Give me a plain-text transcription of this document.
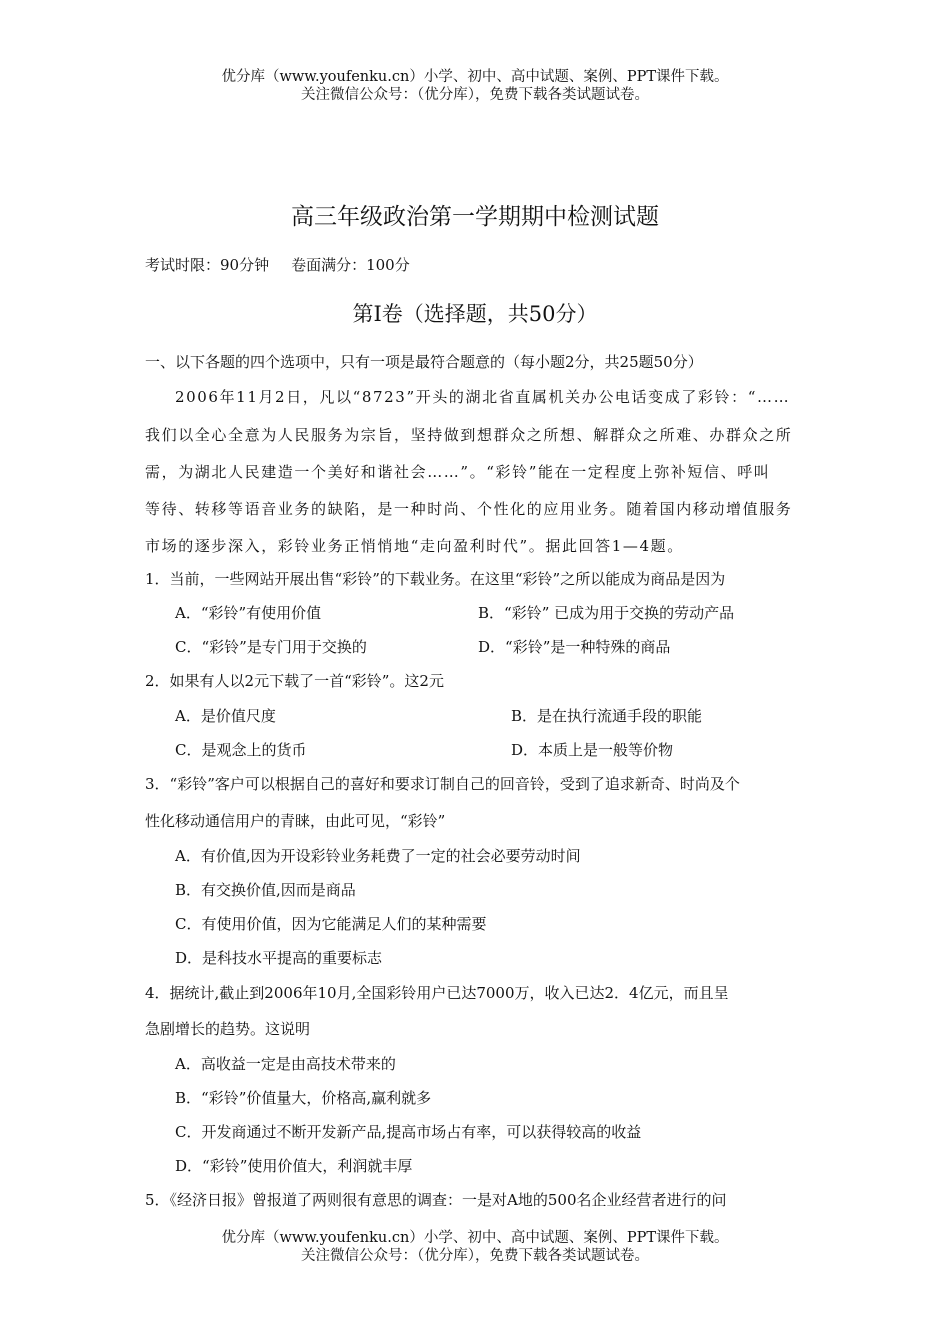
优分库（www.youfenku.cn）小学、初中、高中试题、案例、PPT课件下载。
关注微信公众号：（优分库），免费下载各类试题试卷。
高三年级政治第一学期期中检测试题
考试时限：90分钟 卷面满分：100分
第Ⅰ卷（选择题，共50分）
一、以下各题的四个选项中，只有一项是最符合题意的（每小题2分，共25题50分）
2006年11月2日，凡以“8723”开头的湖北省直属机关办公电话变成了彩铃：“……
我们以全心全意为人民服务为宗旨，坚持做到想群众之所想、解群众之所难、办群众之所
需，为湖北人民建造一个美好和谐社会……”。“彩铃”能在一定程度上弥补短信、呼叫
等待、转移等语音业务的缺陷，是一种时尚、个性化的应用业务。随着国内移动增值服务
市场的逐步深入，彩铃业务正悄悄地“走向盈利时代”。据此回答1—4题。
1．当前，一些网站开展出售“彩铃”的下载业务。在这里“彩铃”之所以能成为商品是因为
A．“彩铃”有使用价值	B．“彩铃” 已成为用于交换的劳动产品
C．“彩铃”是专门用于交换的	D．“彩铃”是一种特殊的商品
2．如果有人以2元下载了一首“彩铃”。这2元
A．是价值尺度	B．是在执行流通手段的职能
C．是观念上的货币	D．本质上是一般等价物
3．“彩铃”客户可以根据自己的喜好和要求订制自己的回音铃，受到了追求新奇、时尚及个
性化移动通信用户的青睐，由此可见，“彩铃”
A．有价值,因为开设彩铃业务耗费了一定的社会必要劳动时间
B．有交换价值,因而是商品
C．有使用价值，因为它能满足人们的某种需要
D．是科技水平提高的重要标志
4．据统计,截止到2006年10月,全国彩铃用户已达7000万，收入已达2．4亿元，而且呈
急剧增长的趋势。这说明
A．高收益一定是由高技术带来的
B．“彩铃”价值量大，价格高,赢利就多
C．开发商通过不断开发新产品,提高市场占有率，可以获得较高的收益
D．“彩铃”使用价值大，利润就丰厚
5．《经济日报》曾报道了两则很有意思的调查：一是对A地的500名企业经营者进行的问
优分库（www.youfenku.cn）小学、初中、高中试题、案例、PPT课件下载。
关注微信公众号：（优分库），免费下载各类试题试卷。
